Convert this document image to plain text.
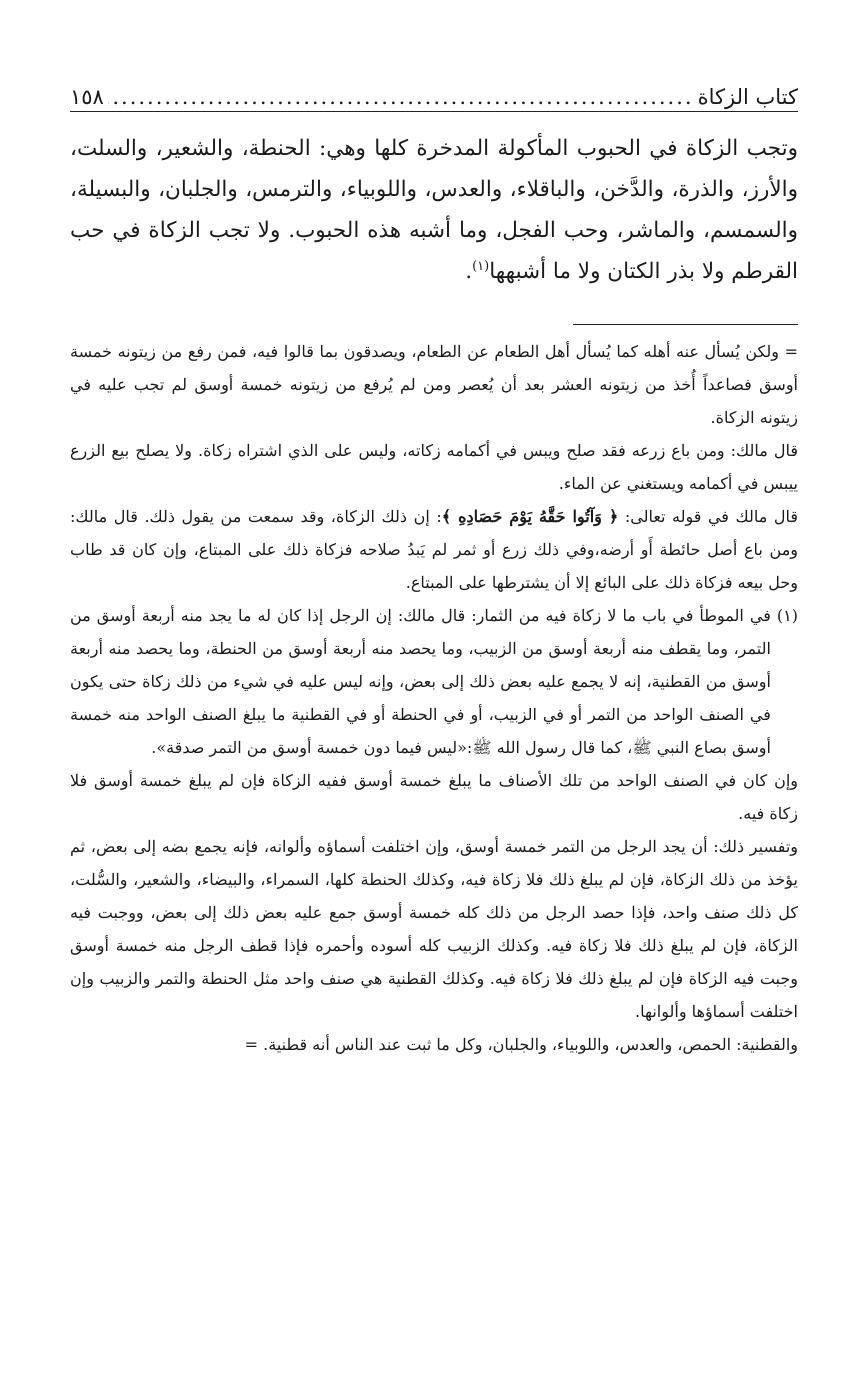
كتاب الزكاة
.....
١٥٨

وتجب الزكاة في الحبوب المأكولة المدخرة كلها وهي: الحنطة، والشعير، والسلت، والأرز، والذرة، والدَّخن، والباقلاء، والعدس، واللوبياء، والترمس، والجلبان، والبسيلة، والسمسم، والماشر، وحب الفجل، وما أشبه هذه الحبوب. ولا تجب الزكاة في حب القرطم ولا بذر الكتان ولا ما أشبهها$^{(١)}$.

= ولكن يُسأل عنه أهله كما يُسأل أهل الطعام عن الطعام، ويصدقون بما قالوا فيه، فمن رفع من زيتونه خمسة أوسق فصاعداً أُخذ من زيتونه العشر بعد أن يُعصر ومن لم يُرفع من زيتونه خمسة أوسق لم تجب عليه في زيتونه الزكاة.

قال مالك: ومن باع زرعه فقد صلح ويبس في أكمامه زكاته، وليس على الذي اشتراه زكاة. ولا يصلح بيع الزرع ييبس في أكمامه ويستغني عن الماء.

قال مالك في قوله تعالى: ﴿ وَآتُوا حَقَّهُ يَوْمَ حَصَادِهِ ﴾: إن ذلك الزكاة، وقد سمعت من يقول ذلك. قال مالك: ومن باع أصل حائطة أَو أرضه،وفي ذلك زرع أو ثمر لم يَبدُ صلاحه فزكاة ذلك على المبتاع، وإن كان قد طاب وحل بيعه فزكاة ذلك على البائع إلا أن يشترطها على المبتاع.

(١)
في الموطأ في باب ما لا زكاة فيه من الثمار: قال مالك: إن الرجل إذا كان له ما يجد منه أربعة أوسق من التمر، وما يقطف منه أربعة أوسق من الزبيب، وما يحصد منه أربعة أوسق من الحنطة، وما يحصد منه أربعة أوسق من القطنية، إنه لا يجمع عليه بعض ذلك إلى بعض، وإنه ليس عليه في شيء من ذلك زكاة حتى يكون في الصنف الواحد من التمر أو في الزبيب، أو في الحنطة أو في القطنية ما يبلغ الصنف الواحد منه خمسة أوسق بصاع النبي ﷺ، كما قال رسول الله ﷺ:«ليس فيما دون خمسة أوسق من التمر صدقة».

وإن كان في الصنف الواحد من تلك الأصناف ما يبلغ خمسة أوسق ففيه الزكاة فإن لم يبلغ خمسة أوسق فلا زكاة فيه.

وتفسير ذلك: أن يجد الرجل من التمر خمسة أوسق، وإن اختلفت أسماؤه وألوانه، فإنه يجمع بضه إلى بعض، ثم يؤخذ من ذلك الزكاة، فإن لم يبلغ ذلك فلا زكاة فيه، وكذلك الحنطة كلها، السمراء، والبيضاء، والشعير، والسُّلت، كل ذلك صنف واحد، فإذا حصد الرجل من ذلك كله خمسة أوسق جمع عليه بعض ذلك إلى بعض، ووجبت فيه الزكاة، فإن لم يبلغ ذلك فلا زكاة فيه. وكذلك الزبيب كله أسوده وأحمره فإذا قطف الرجل منه خمسة أوسق وجبت فيه الزكاة فإن لم يبلغ ذلك فلا زكاة فيه. وكذلك القطنية هي صنف واحد مثل الحنطة والتمر والزبيب وإن اختلفت أسماؤها وألوانها.

والقطنية: الحمص، والعدس، واللوبياء، والجلبان، وكل ما ثبت عند الناس أنه قطنية. =
